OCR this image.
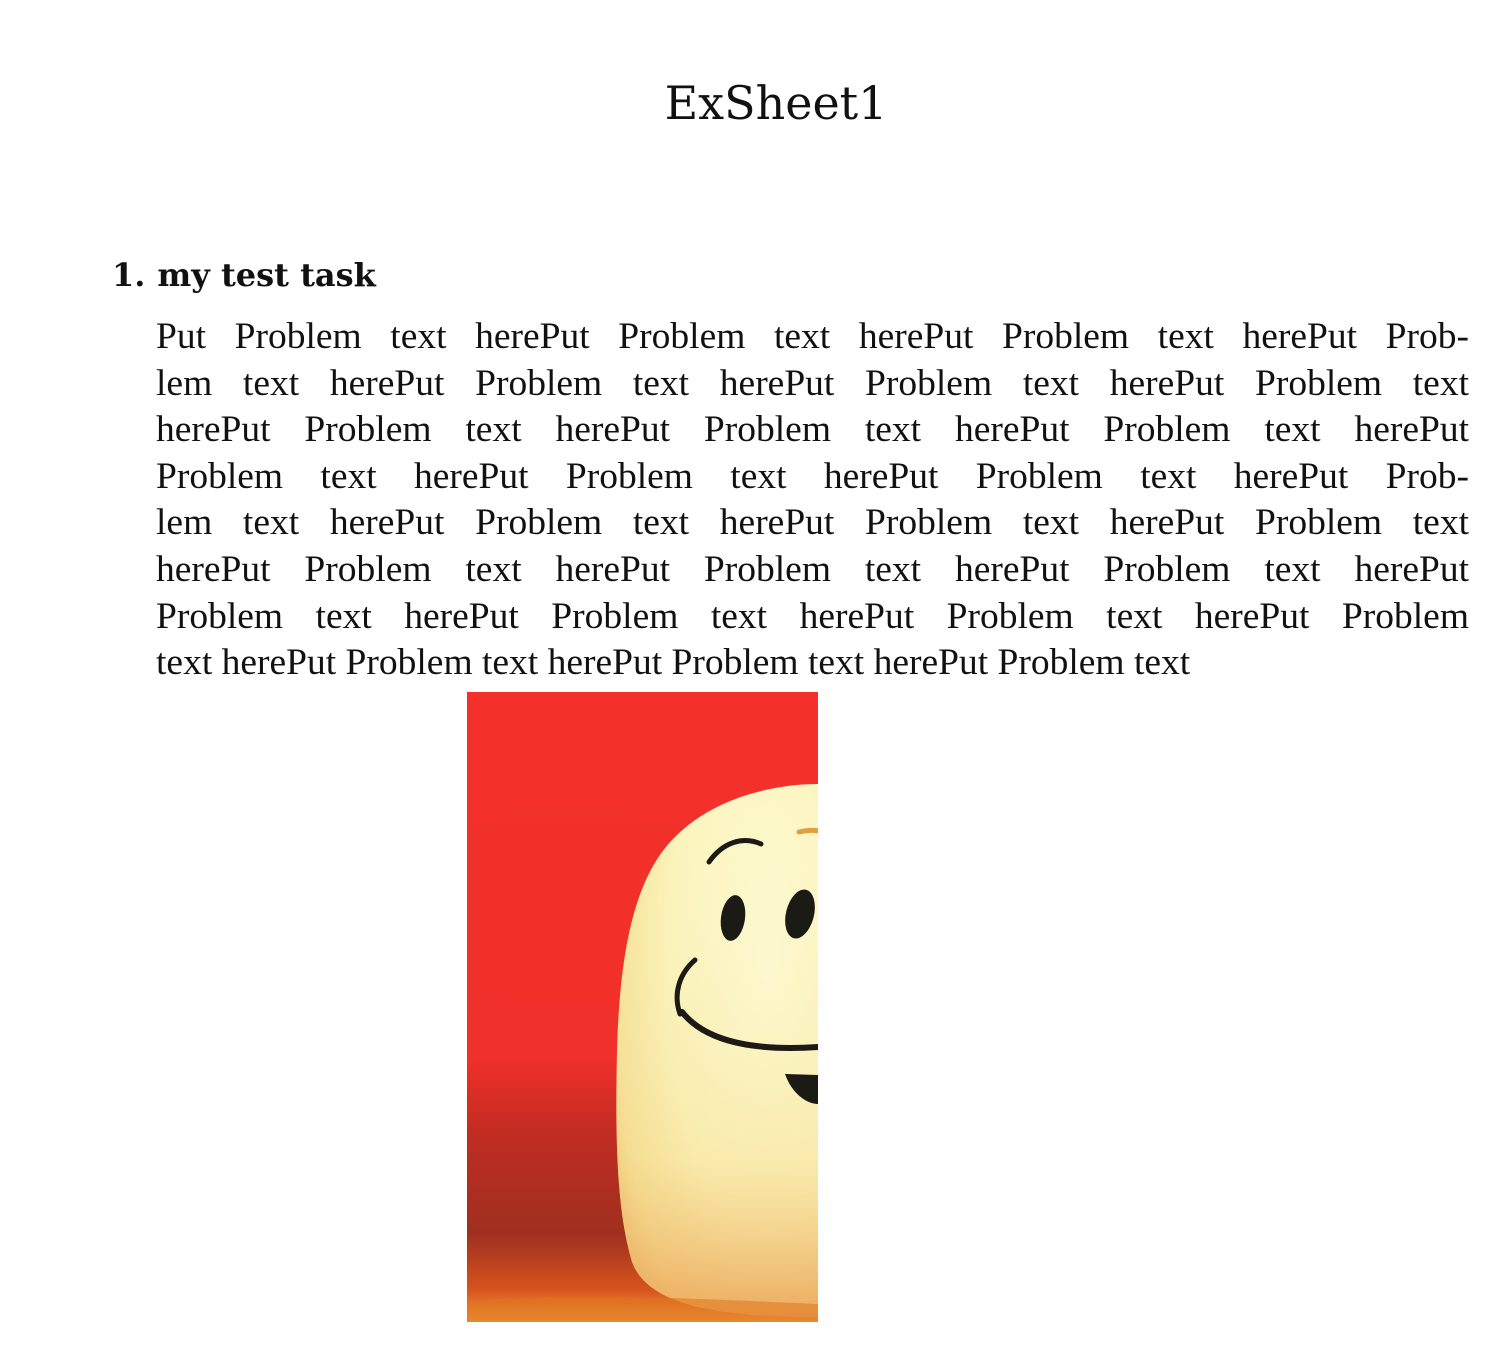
ExSheet1
1. my test task
Put Problem text herePut Problem text herePut Problem text herePut Prob-
lem text herePut Problem text herePut Problem text herePut Problem text
herePut Problem text herePut Problem text herePut Problem text herePut
Problem text herePut Problem text herePut Problem text herePut Prob-
lem text herePut Problem text herePut Problem text herePut Problem text
herePut Problem text herePut Problem text herePut Problem text herePut
Problem text herePut Problem text herePut Problem text herePut Problem
text herePut Problem text herePut Problem text herePut Problem text
